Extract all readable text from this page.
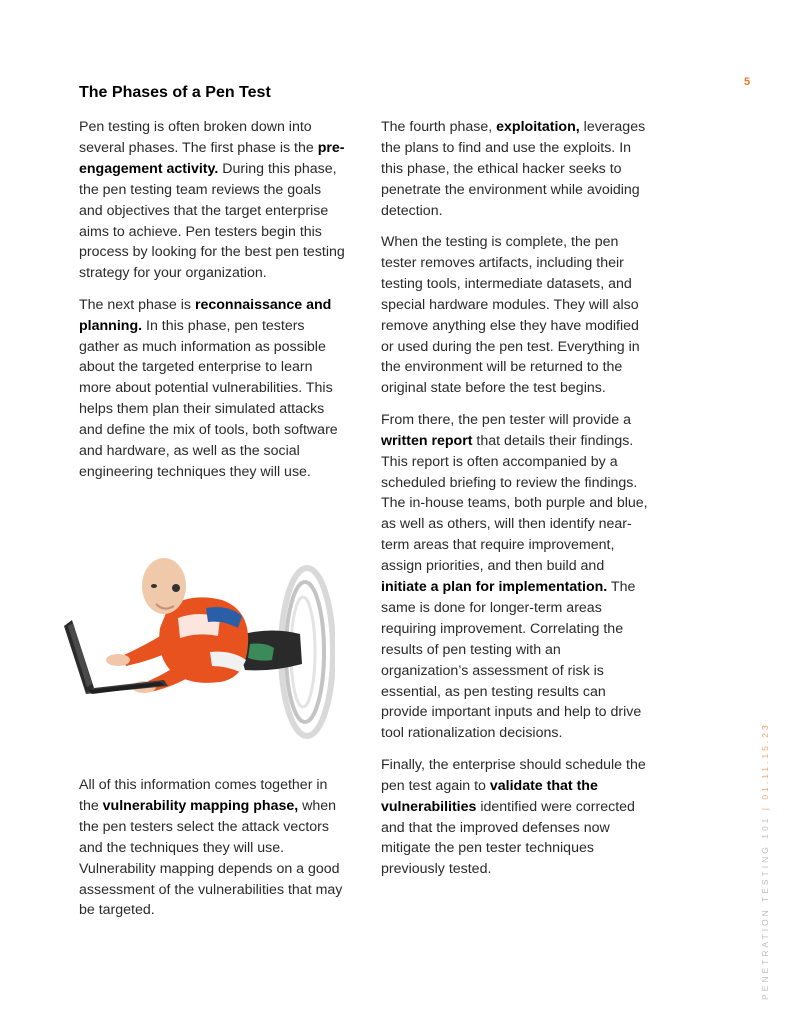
5
The Phases of a Pen Test

Pen testing is often broken down into several phases. The first phase is the pre-engagement activity. During this phase, the pen testing team reviews the goals and objectives that the target enterprise aims to achieve. Pen testers begin this process by looking for the best pen testing strategy for your organization.

The next phase is reconnaissance and planning. In this phase, pen testers gather as much information as possible about the targeted enterprise to learn more about potential vulnerabilities. This helps them plan their simulated attacks and define the mix of tools, both software and hardware, as well as the social engineering techniques they will use.

All of this information comes together in the vulnerability mapping phase, when the pen testers select the attack vectors and the techniques they will use. Vulnerability mapping depends on a good assessment of the vulnerabilities that may be targeted.

The fourth phase, exploitation, leverages the plans to find and use the exploits. In this phase, the ethical hacker seeks to penetrate the environment while avoiding detection.

When the testing is complete, the pen tester removes artifacts, including their testing tools, intermediate datasets, and special hardware modules. They will also remove anything else they have modified or used during the pen test. Everything in the environment will be returned to the original state before the test begins.

From there, the pen tester will provide a written report that details their findings. This report is often accompanied by a scheduled briefing to review the findings. The in-house teams, both purple and blue, as well as others, will then identify near-term areas that require improvement, assign priorities, and then build and initiate a plan for implementation. The same is done for longer-term areas requiring improvement. Correlating the results of pen testing with an organization’s assessment of risk is essential, as pen testing results can provide important inputs and help to drive tool rationalization decisions.

Finally, the enterprise should schedule the pen test again to validate that the vulnerabilities identified were corrected and that the improved defenses now mitigate the pen tester techniques previously tested.	PENETRATION TESTING 101 | 01.11.15.23
